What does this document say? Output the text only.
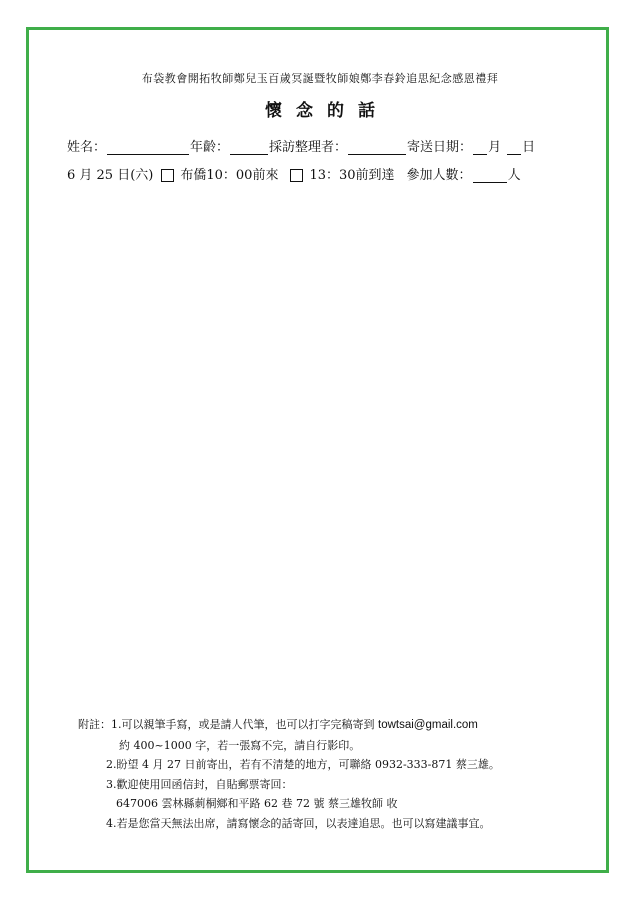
布袋教會開拓牧師鄭兒玉百歲冥誕暨牧師娘鄭李春鈴追思紀念感恩禮拜
懷念的話
姓名：	年齡：	採訪整理者：	寄送日期： 月 日
6 月 25 日(六) 布僑10：00前來 13：30前到達 參加人數：	人
附註：1.可以親筆手寫，或是請人代筆，也可以打字完稿寄到 towtsai@gmail.com
約 400~1000 字，若一張寫不完，請自行影印。
2.盼望 4 月 27 日前寄出，若有不清楚的地方，可聯絡 0932-333-871 蔡三雄。
3.歡迎使用回函信封，自貼郵票寄回：
647006 雲林縣莿桐鄉和平路 62 巷 72 號 蔡三雄牧師 收
4.若是您當天無法出席，請寫懷念的話寄回，以表達追思。也可以寫建議事宜。
